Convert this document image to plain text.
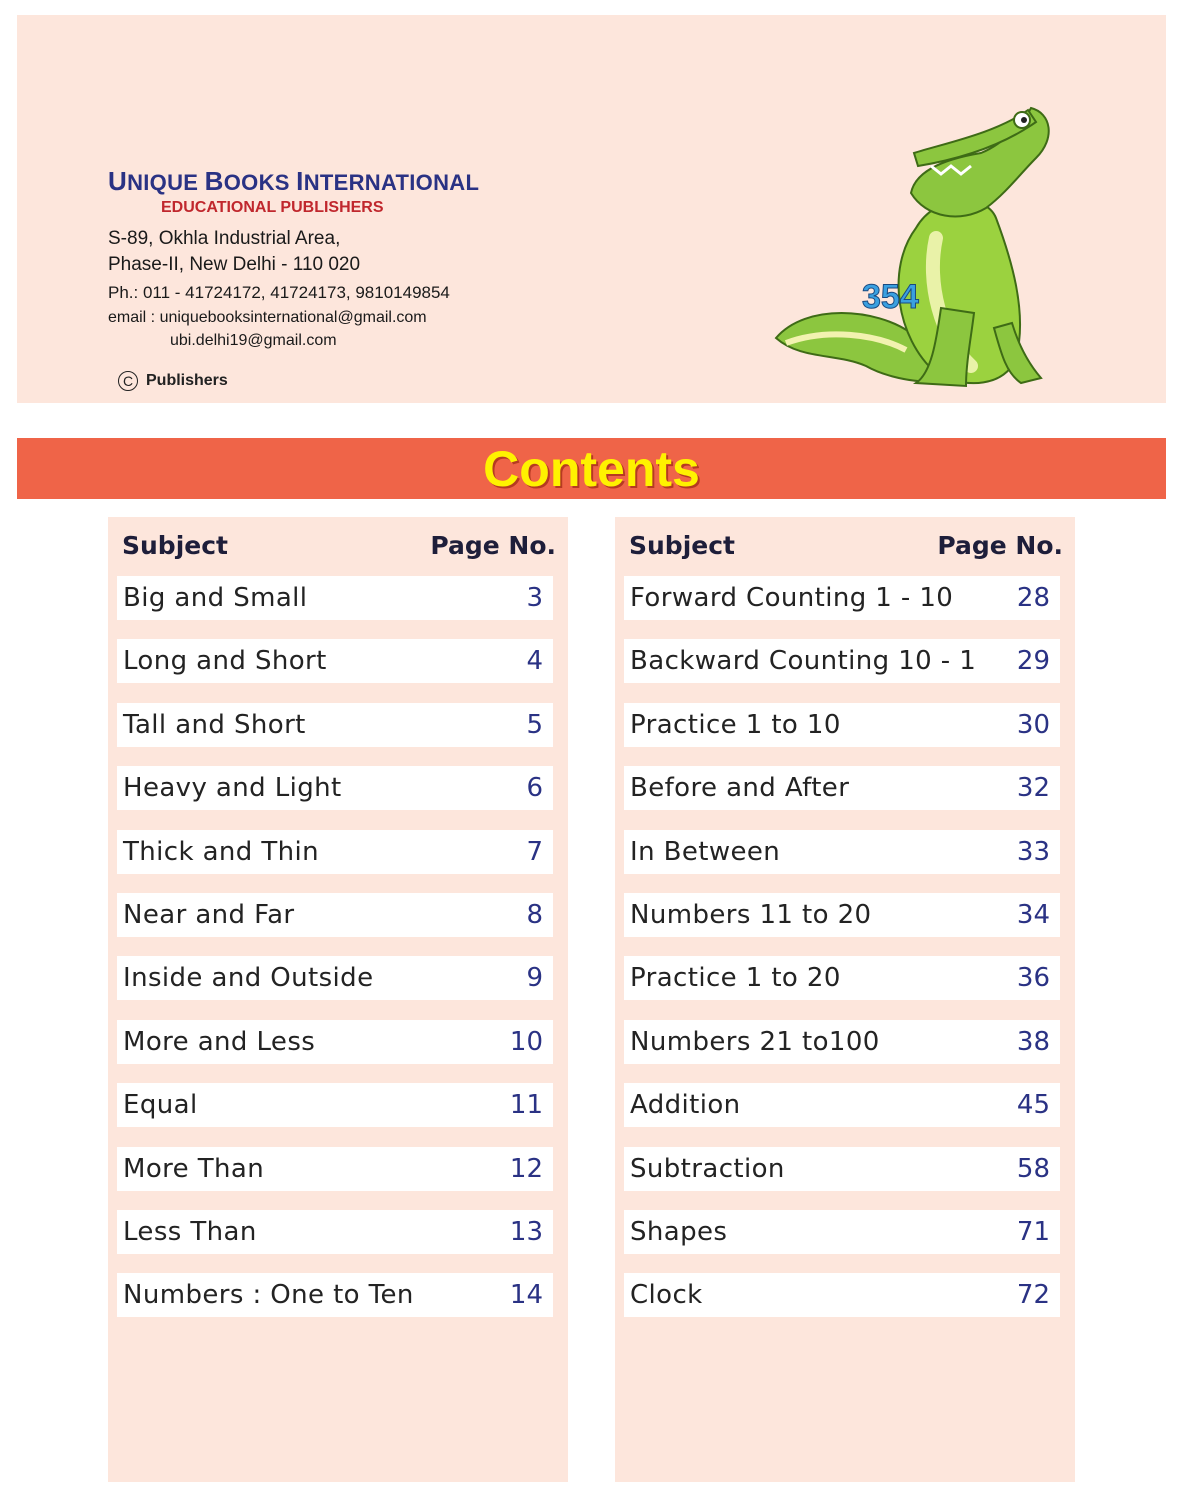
UNIQUE BOOKS INTERNATIONAL
EDUCATIONAL PUBLISHERS
S-89, Okhla Industrial Area,
Phase-II, New Delhi - 110 020
Ph.: 011 - 41724172, 41724173, 9810149854
email : uniquebooksinternational@gmail.com
ubi.delhi19@gmail.com
C Publishers
354
Contents
Subject	Page No.
Big and Small	3
Long and Short	4
Tall and Short	5
Heavy and Light	6
Thick and Thin	7
Near and Far	8
Inside and Outside	9
More and Less	10
Equal	11
More Than	12
Less Than	13
Numbers : One to Ten	14
Subject	Page No.
Forward Counting 1 - 10 28
Backward Counting 10 - 1 29
Practice 1 to 10	30
Before and After	32
In Between	33
Numbers 11 to 20	34
Practice 1 to 20	36
Numbers 21 to100	38
Addition	45
Subtraction	58
Shapes	71
Clock	72
